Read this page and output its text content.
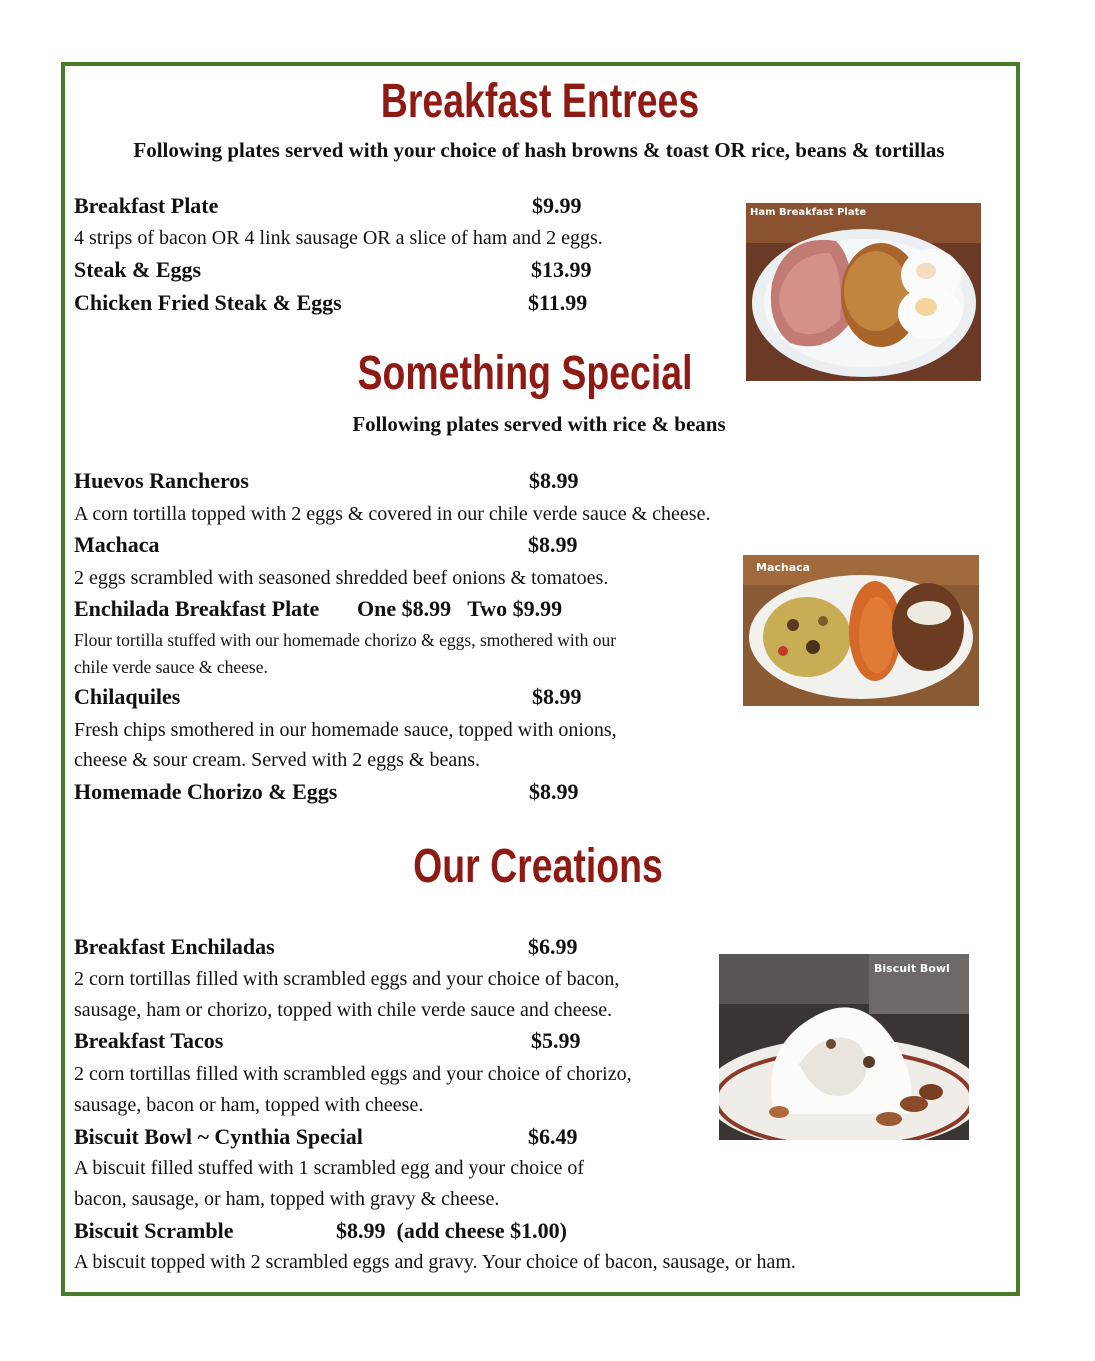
Breakfast Entrees
Following plates served with your choice of hash browns & toast OR rice, beans & tortillas
Breakfast Plate	$9.99
4 strips of bacon OR 4 link sausage OR a slice of ham and 2 eggs.
Steak & Eggs	$13.99
Chicken Fried Steak & Eggs	$11.99
Ham Breakfast Plate
Something Special
Following plates served with rice & beans
Huevos Rancheros	$8.99
A corn tortilla topped with 2 eggs & covered in our chile verde sauce & cheese.
Machaca	$8.99
2 eggs scrambled with seasoned shredded beef onions & tomatoes.
Enchilada Breakfast Plate One $8.99   Two $9.99
Flour tortilla stuffed with our homemade chorizo & eggs, smothered with our
chile verde sauce & cheese.
Chilaquiles	$8.99
Fresh chips smothered in our homemade sauce, topped with onions,
cheese & sour cream. Served with 2 eggs & beans.
Homemade Chorizo & Eggs	$8.99
Machaca
Our Creations
Breakfast Enchiladas	$6.99
2 corn tortillas filled with scrambled eggs and your choice of bacon,
sausage, ham or chorizo, topped with chile verde sauce and cheese.
Breakfast Tacos	$5.99
2 corn tortillas filled with scrambled eggs and your choice of chorizo,
sausage, bacon or ham, topped with cheese.
Biscuit Bowl ~ Cynthia Special	$6.49
A biscuit filled stuffed with 1 scrambled egg and your choice of
bacon, sausage, or ham, topped with gravy & cheese.
Biscuit Scramble	$8.99  (add cheese $1.00)
A biscuit topped with 2 scrambled eggs and gravy. Your choice of bacon, sausage, or ham.
Biscuit Bowl
